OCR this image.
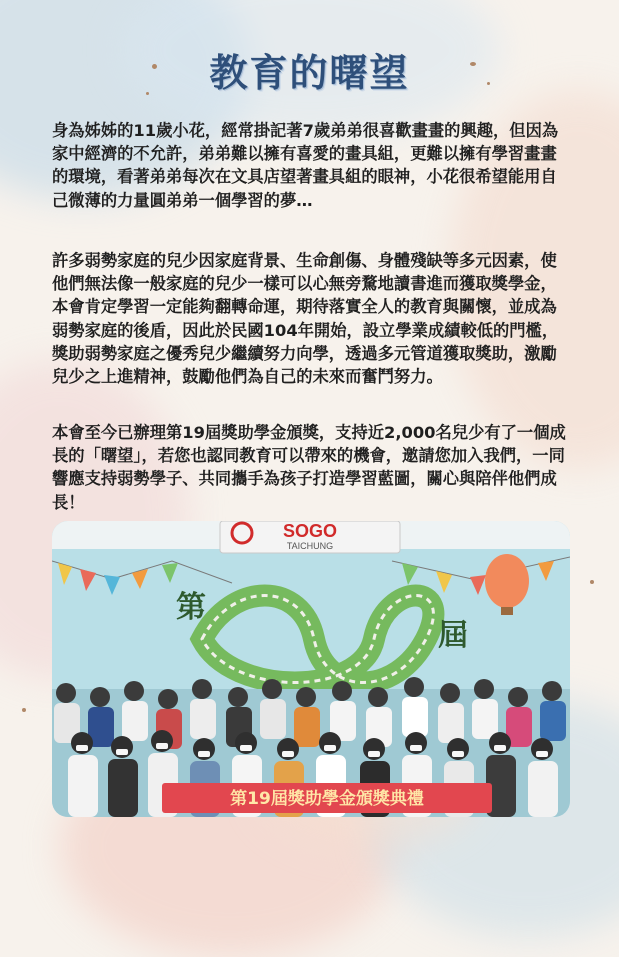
教育的曙望

身為姊姊的11歲小花，經常掛記著7歲弟弟很喜歡畫畫的興趣，但因為家中經濟的不允許，弟弟難以擁有喜愛的畫具組，更難以擁有學習畫畫的環境，看著弟弟每次在文具店望著畫具組的眼神，小花很希望能用自己微薄的力量圓弟弟一個學習的夢…

許多弱勢家庭的兒少因家庭背景、生命創傷、身體殘缺等多元因素，使他們無法像一般家庭的兒少一樣可以心無旁騖地讀書進而獲取獎學金，本會肯定學習一定能夠翻轉命運，期待落實全人的教育與關懷，並成為弱勢家庭的後盾，因此於民國104年開始，設立學業成績較低的門檻，獎助弱勢家庭之優秀兒少繼續努力向學，透過多元管道獲取獎助，激勵兒少之上進精神，鼓勵他們為自己的未來而奮鬥努力。

本會至今已辦理第19屆獎助學金頒獎，支持近2,000名兒少有了一個成長的「曙望」，若您也認同教育可以帶來的機會，邀請您加入我們，一同響應支持弱勢學子、共同攜手為孩子打造學習藍圖，關心與陪伴他們成長！

SOGO
TAICHUNG
第
屆
第19屆獎助學金頒獎典禮
